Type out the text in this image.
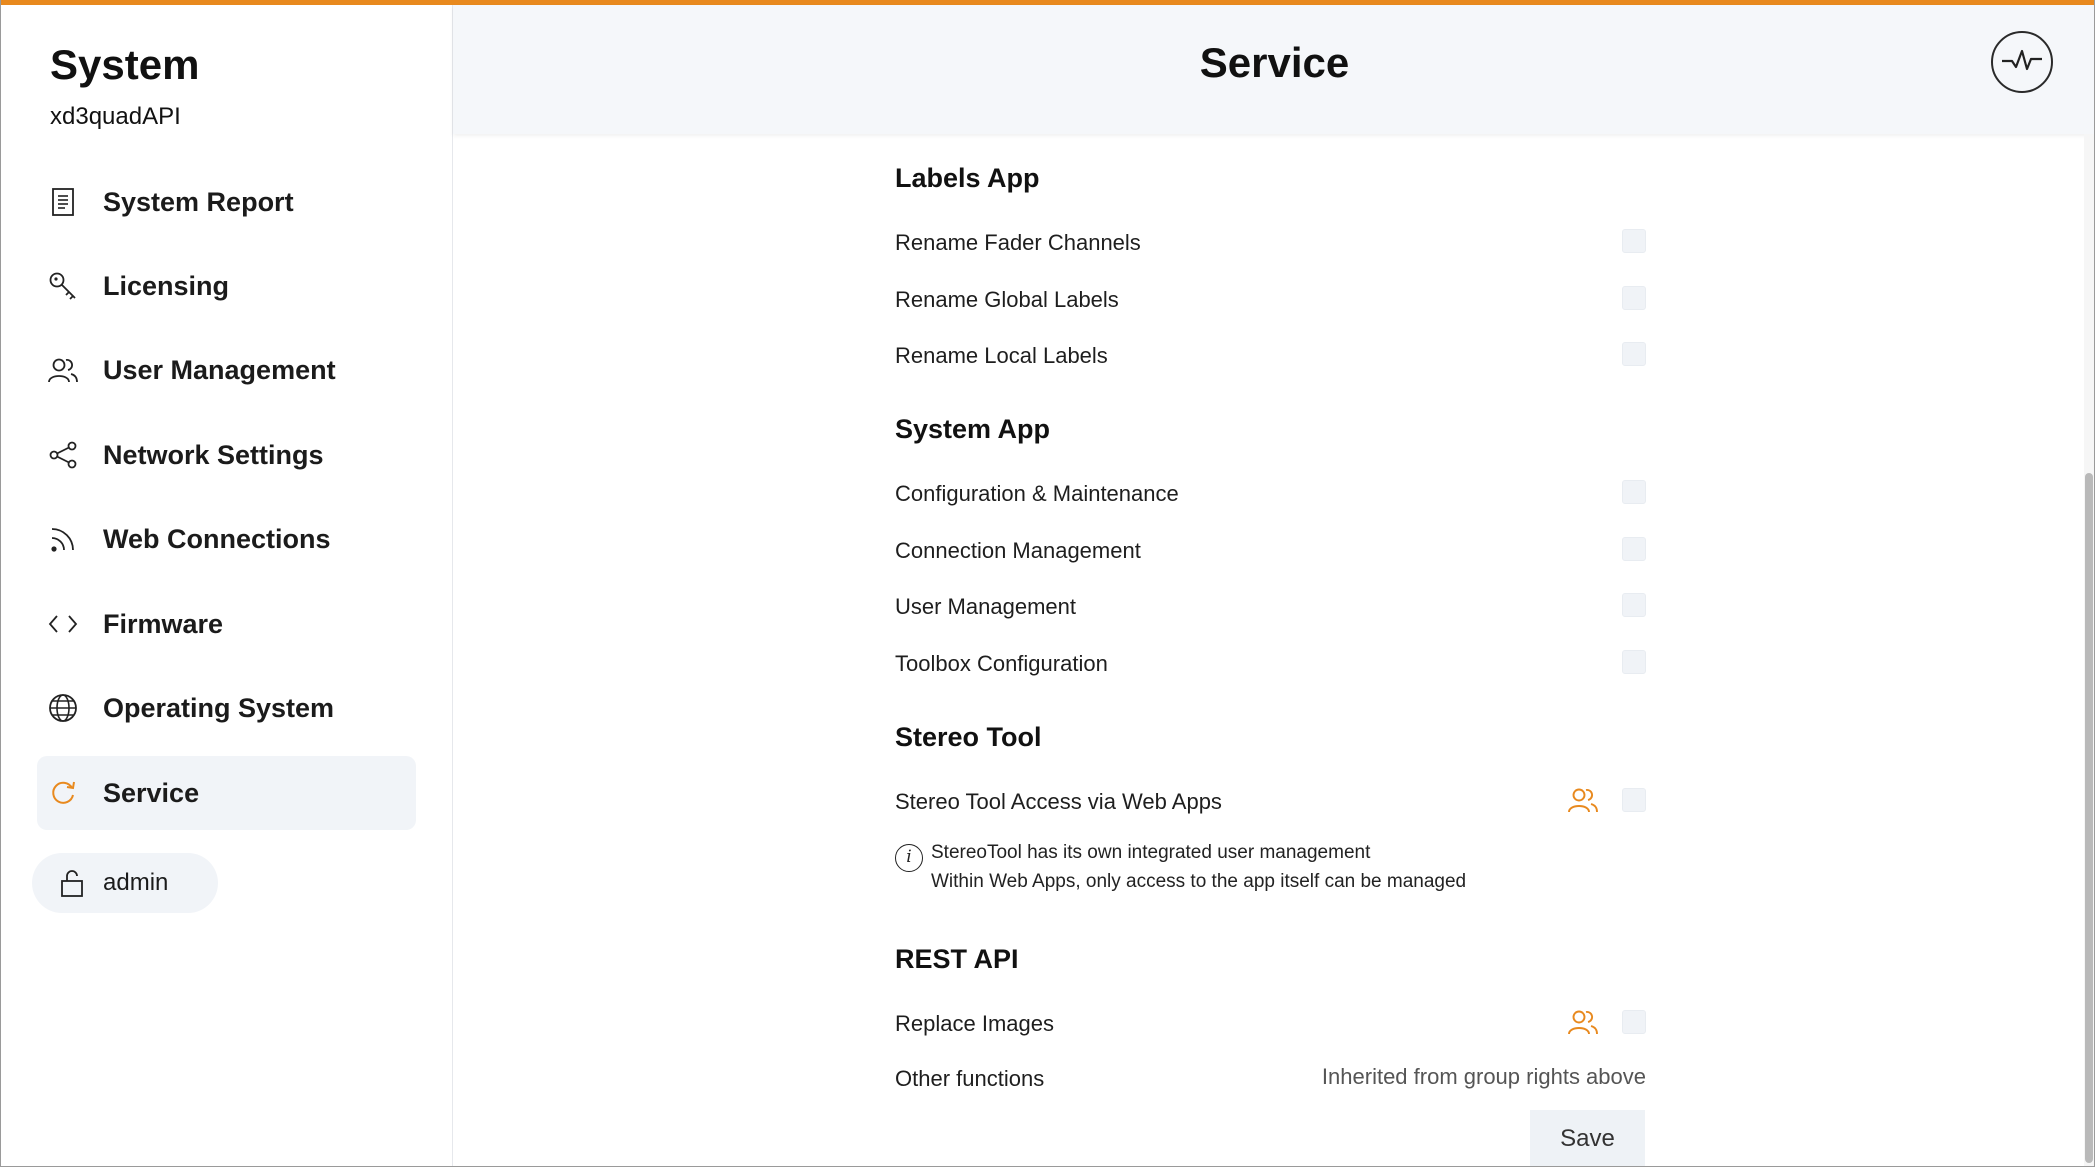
System
xd3quadAPI
System Report
Licensing
User Management
Network Settings
Web Connections
Firmware
Operating System
Service
admin
Service
Labels App
Rename Fader Channels
Rename Global Labels
Rename Local Labels
System App
Configuration & Maintenance
Connection Management
User Management
Toolbox Configuration
Stereo Tool
Stereo Tool Access via Web Apps
i	StereoTool has its own integrated user management
Within Web Apps, only access to the app itself can be managed
REST API
Replace Images
Other functions	Inherited from group rights above
Save
